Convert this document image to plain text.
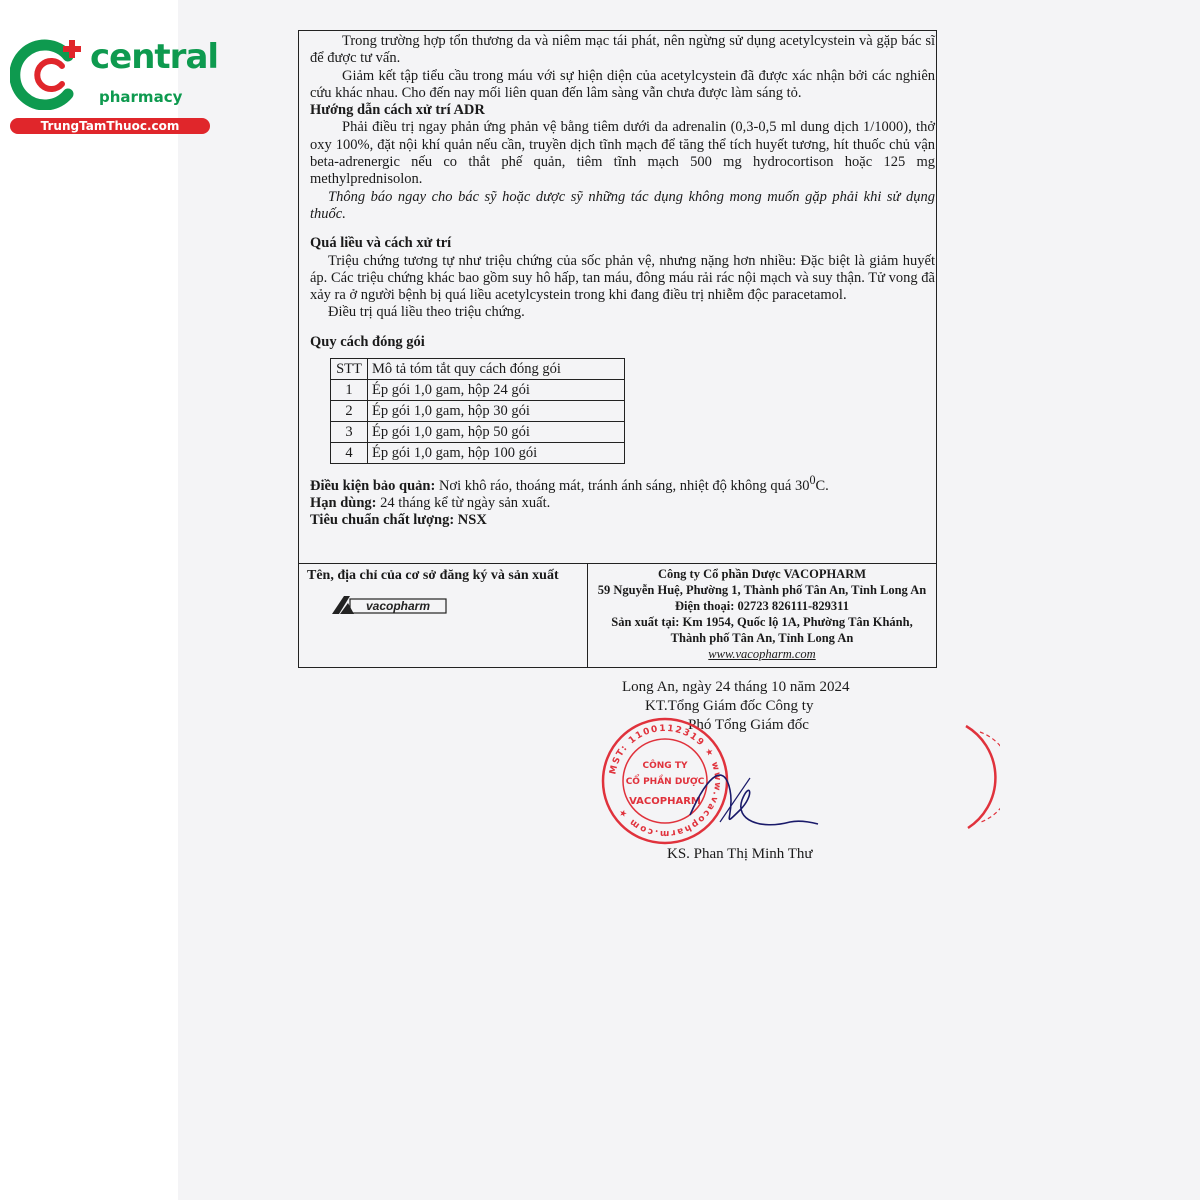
central
pharmacy
TrungTamThuoc.com

Trong trường hợp tổn thương da và niêm mạc tái phát, nên ngừng sử dụng acetylcystein và gặp bác sĩ để được tư vấn.

Giảm kết tập tiểu cầu trong máu với sự hiện diện của acetylcystein đã được xác nhận bởi các nghiên cứu khác nhau. Cho đến nay mối liên quan đến lâm sàng vẫn chưa được làm sáng tỏ.

Hướng dẫn cách xử trí ADR

Phải điều trị ngay phản ứng phản vệ bằng tiêm dưới da adrenalin (0,3-0,5 ml dung dịch 1/1000), thở oxy 100%, đặt nội khí quản nếu cần, truyền dịch tĩnh mạch để tăng thể tích huyết tương, hít thuốc chủ vận beta-adrenergic nếu co thắt phế quản, tiêm tĩnh mạch 500 mg hydrocortison hoặc 125 mg methylprednisolon.

Thông báo ngay cho bác sỹ hoặc dược sỹ những tác dụng không mong muốn gặp phải khi sử dụng thuốc.

Quá liều và cách xử trí

Triệu chứng tương tự như triệu chứng của sốc phản vệ, nhưng nặng hơn nhiều: Đặc biệt là giảm huyết áp. Các triệu chứng khác bao gồm suy hô hấp, tan máu, đông máu rải rác nội mạch và suy thận. Tử vong đã xảy ra ở người bệnh bị quá liều acetylcystein trong khi đang điều trị nhiễm độc paracetamol.

Điều trị quá liều theo triệu chứng.

Quy cách đóng gói

STT	Mô tả tóm tắt quy cách đóng gói
1	Ép gói 1,0 gam, hộp 24 gói
2	Ép gói 1,0 gam, hộp 30 gói
3	Ép gói 1,0 gam, hộp 50 gói
4	Ép gói 1,0 gam, hộp 100 gói

Điều kiện bảo quản: Nơi khô ráo, thoáng mát, tránh ánh sáng, nhiệt độ không quá $30^0C$.

Hạn dùng: 24 tháng kể từ ngày sản xuất.

Tiêu chuẩn chất lượng: NSX

Tên, địa chỉ của cơ sở đăng ký và sản xuất
vacopharm
Công ty Cổ phần Dược VACOPHARM
59 Nguyễn Huệ, Phường 1, Thành phố Tân An, Tỉnh Long An
Điện thoại: 02723 826111-829311
Sản xuất tại: Km 1954, Quốc lộ 1A, Phường Tân Khánh,
Thành phố Tân An, Tỉnh Long An
www.vacopharm.com
Long An, ngày 24 tháng 10 năm 2024
KT.Tổng Giám đốc Công ty
Phó Tổng Giám đốc
MST: 1100112319 ★ www.vacopharm.com ★
CÔNG TY
CỔ PHẦN DƯỢC
VACOPHARM
KS. Phan Thị Minh Thư
